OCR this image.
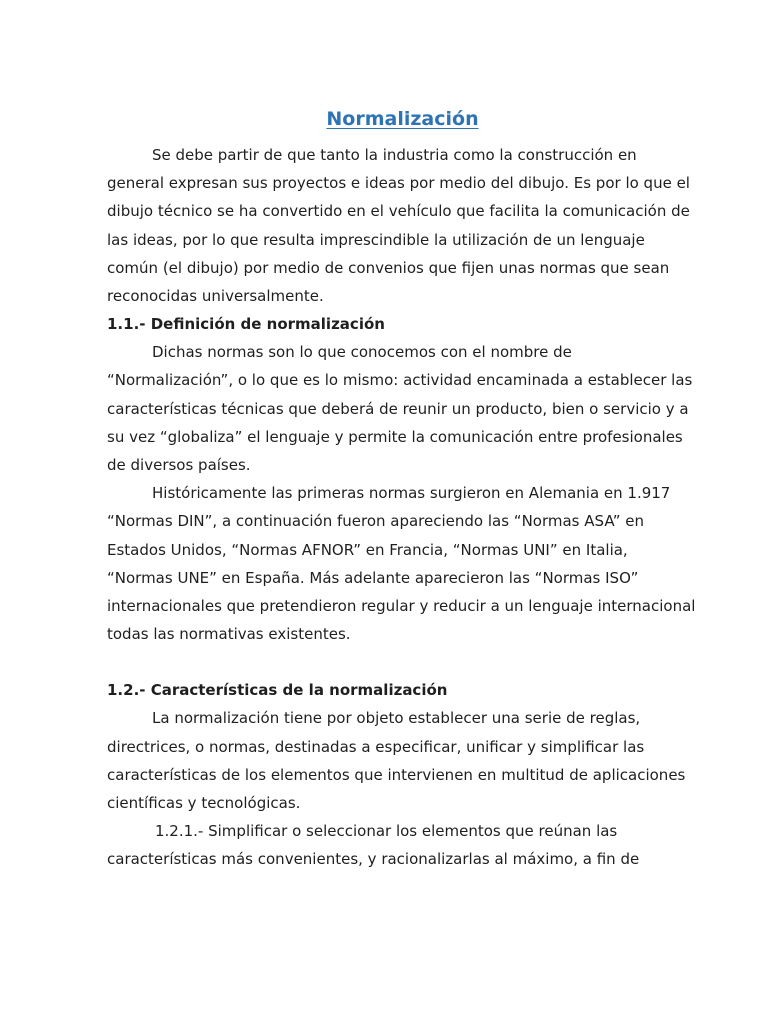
Normalización

Se debe partir de que tanto la industria como la construcción en general expresan sus proyectos e ideas por medio del dibujo. Es por lo que el dibujo técnico se ha convertido en el vehículo que facilita la comunicación de las ideas, por lo que resulta imprescindible la utilización de un lenguaje común (el dibujo) por medio de convenios que fijen unas normas que sean reconocidas universalmente.

1.1.- Definición de normalización

Dichas normas son lo que conocemos con el nombre de “Normalización”, o lo que es lo mismo: actividad encaminada a establecer las características técnicas que deberá de reunir un producto, bien o servicio y a su vez “globaliza” el lenguaje y permite la comunicación entre profesionales de diversos países.

Históricamente las primeras normas surgieron en Alemania en 1.917 “Normas DIN”, a continuación fueron apareciendo las “Normas ASA” en Estados Unidos, “Normas AFNOR” en Francia, “Normas UNI” en Italia, “Normas UNE” en España. Más adelante aparecieron las “Normas ISO” internacionales que pretendieron regular y reducir a un lenguaje internacional todas las normativas existentes.

1.2.- Características de la normalización

La normalización tiene por objeto establecer una serie de reglas, directrices, o normas, destinadas a especificar, unificar y simplificar las características de los elementos que intervienen en multitud de aplicaciones científicas y tecnológicas.

1.2.1.- Simplificar o seleccionar los elementos que reúnan las características más convenientes, y racionalizarlas al máximo, a fin de
